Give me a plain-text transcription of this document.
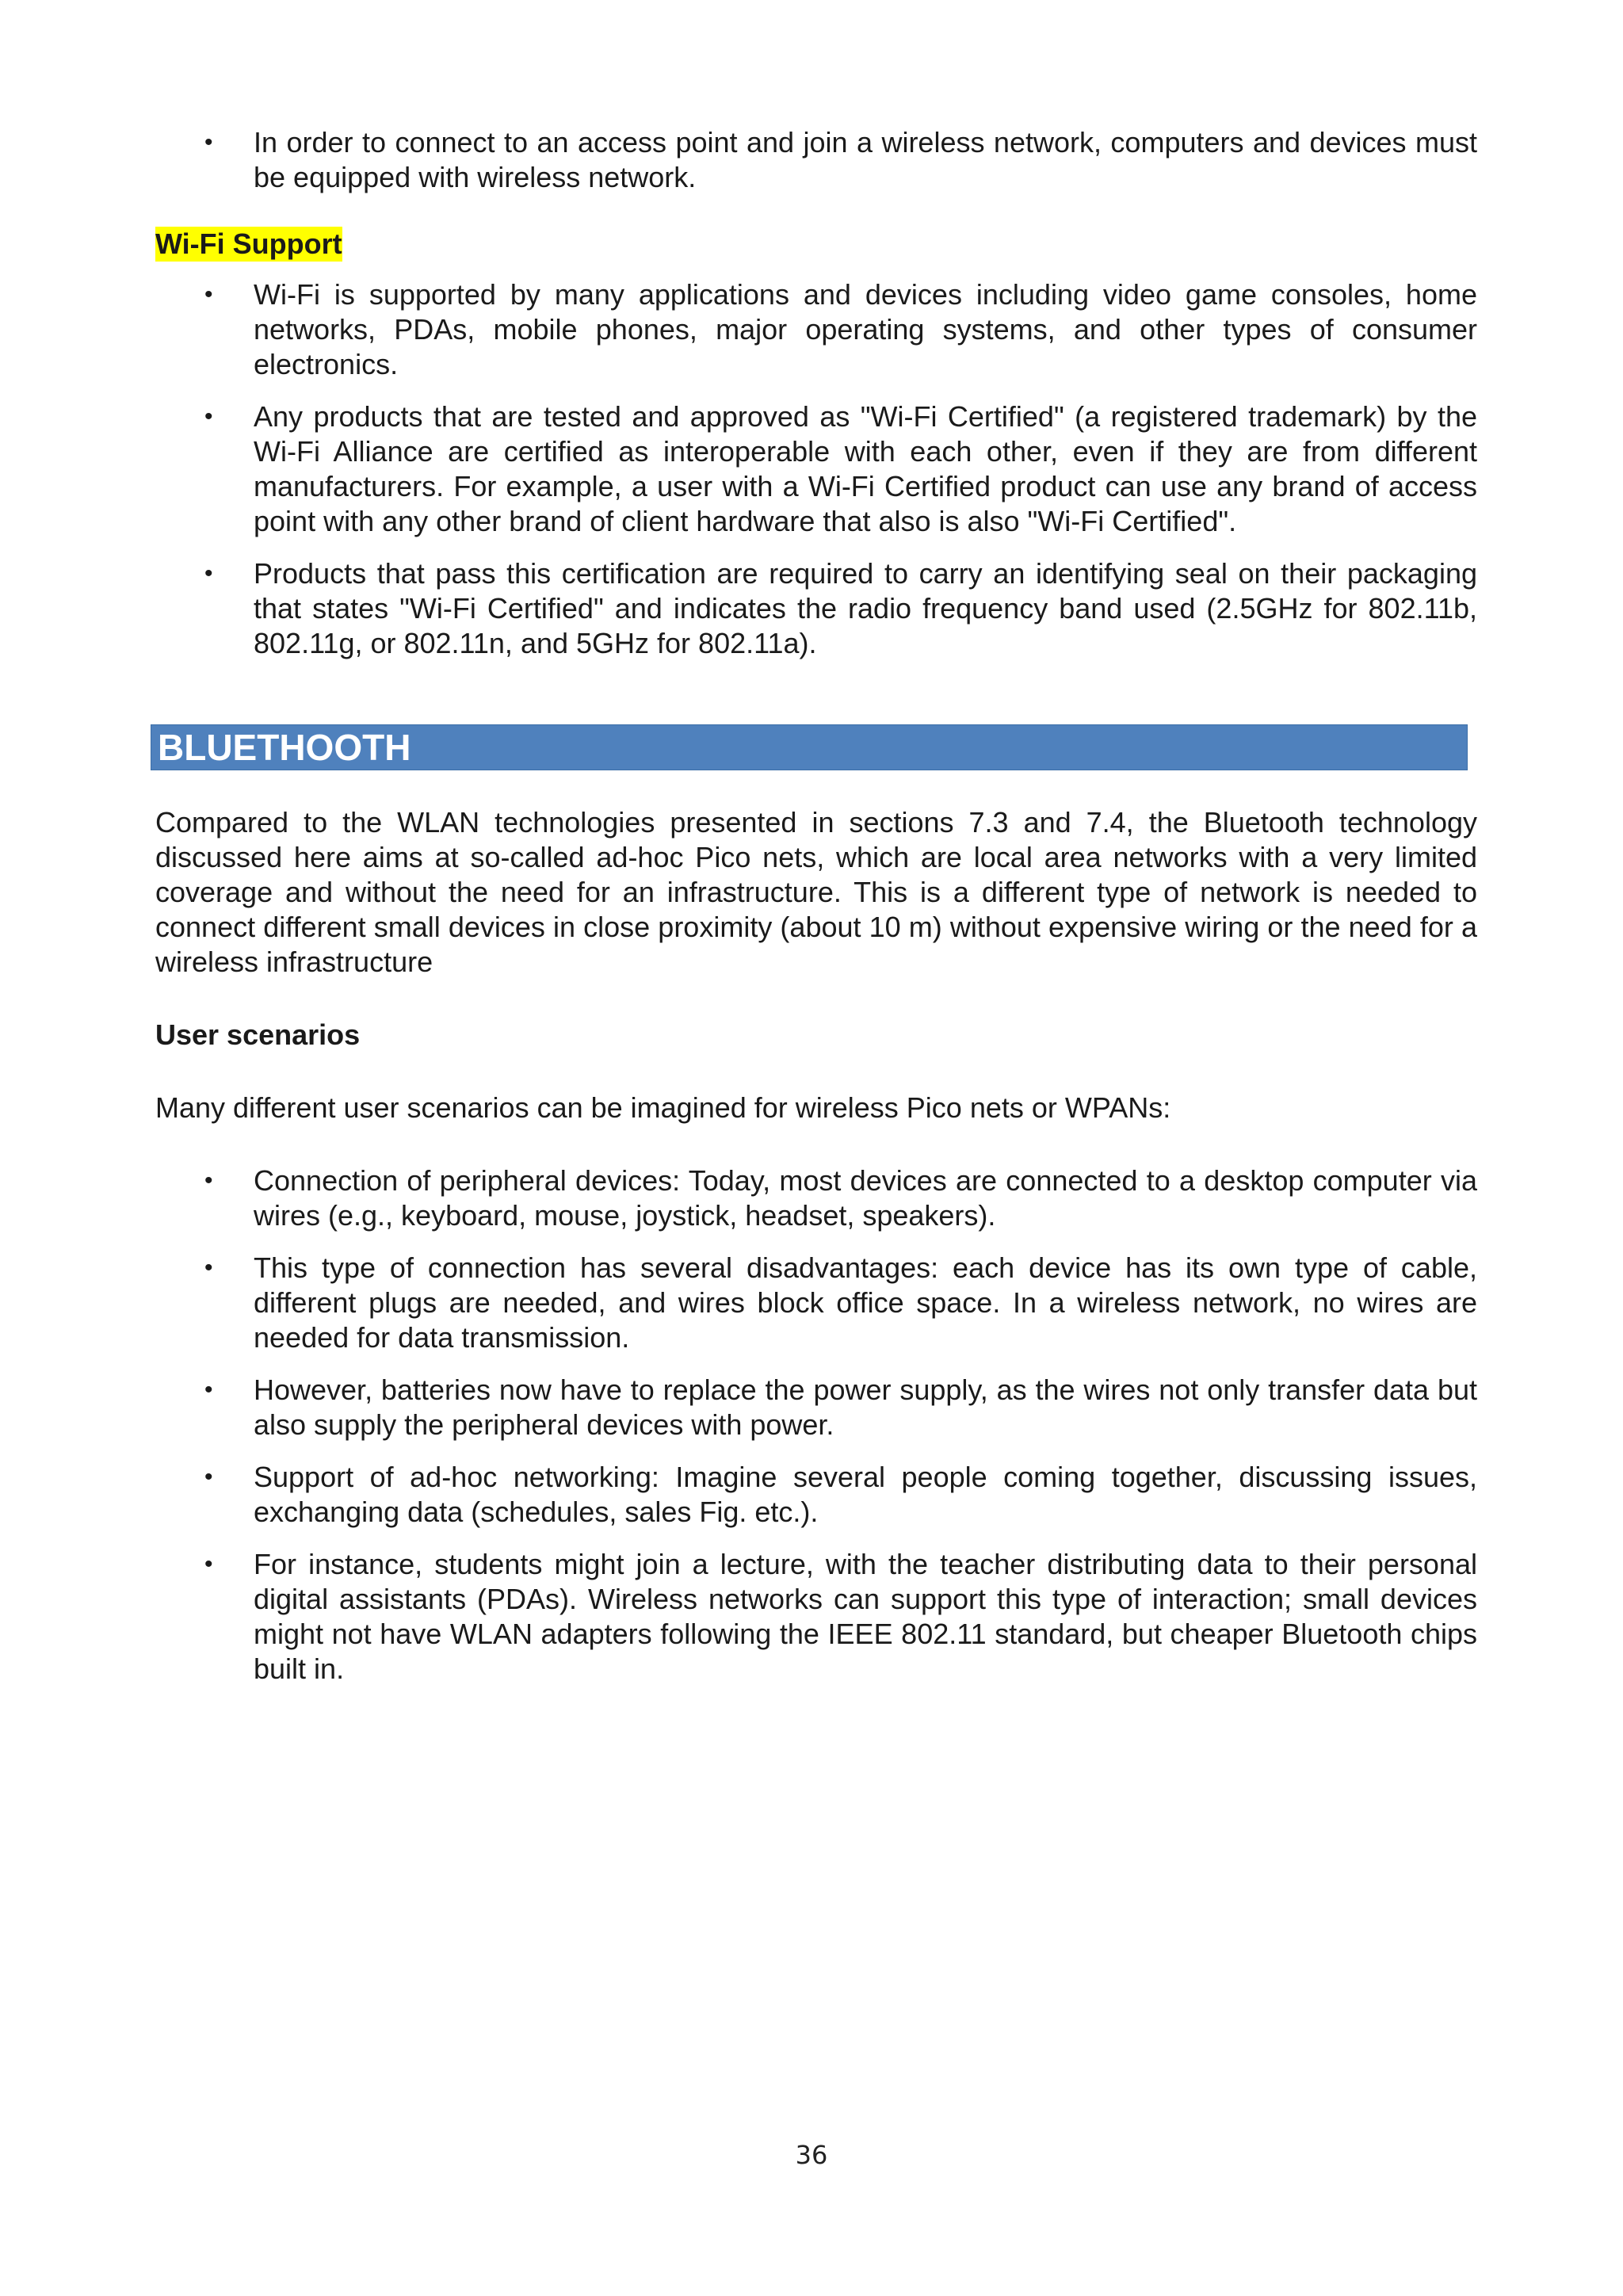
• In order to connect to an access point and join a wireless network, computers and devices must be equipped with wireless network.
Wi-Fi Support
• Wi-Fi is supported by many applications and devices including video game consoles, home networks, PDAs, mobile phones, major operating systems, and other types of consumer electronics.
• Any products that are tested and approved as "Wi-Fi Certified" (a registered trademark) by the Wi-Fi Alliance are certified as interoperable with each other, even if they are from different manufacturers. For example, a user with a Wi-Fi Certified product can use any brand of access point with any other brand of client hardware that also is also "Wi-Fi Certified".
• Products that pass this certification are required to carry an identifying seal on their packaging that states "Wi-Fi Certified" and indicates the radio frequency band used (2.5GHz for 802.11b, 802.11g, or 802.11n, and 5GHz for 802.11a).
BLUETHOOTH

Compared to the WLAN technologies presented in sections 7.3 and 7.4, the Bluetooth technology discussed here aims at so-called ad-hoc Pico nets, which are local area networks with a very limited coverage and without the need for an infrastructure. This is a different type of network is needed to connect different small devices in close proximity (about 10 m) without expensive wiring or the need for a wireless infrastructure

User scenarios

Many different user scenarios can be imagined for wireless Pico nets or WPANs:

• Connection of peripheral devices: Today, most devices are connected to a desktop computer via wires (e.g., keyboard, mouse, joystick, headset, speakers).
• This type of connection has several disadvantages: each device has its own type of cable, different plugs are needed, and wires block office space. In a wireless network, no wires are needed for data transmission.
• However, batteries now have to replace the power supply, as the wires not only transfer data but also supply the peripheral devices with power.
• Support of ad-hoc networking: Imagine several people coming together, discussing issues, exchanging data (schedules, sales Fig. etc.).
• For instance, students might join a lecture, with the teacher distributing data to their personal digital assistants (PDAs). Wireless networks can support this type of interaction; small devices might not have WLAN adapters following the IEEE 802.11 standard, but cheaper Bluetooth chips built in.
36
